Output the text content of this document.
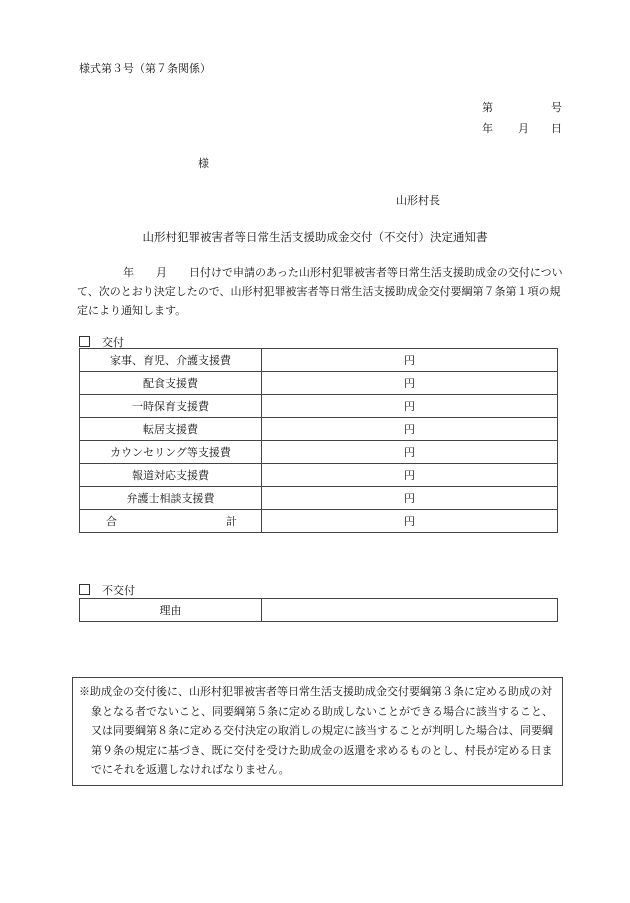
様式第３号（第７条関係）
第	号
年 月 日
様
山形村長
山形村犯罪被害者等日常生活支援助成金交付（不交付）決定通知書
年　　月　　日付けで申請のあった山形村犯罪被害者等日常生活支援助成金の交付について、次のとおり決定したので、山形村犯罪被害者等日常生活支援助成金交付要綱第７条第１項の規定により通知します。
交付
家事、育児、介護支援費	円
配食支援費	円
一時保育支援費	円
転居支援費	円
カウンセリング等支援費	円
報道対応支援費	円
弁護士相談支援費	円

合 計	円
不交付
理由	

※助成金の交付後に、山形村犯罪被害者等日常生活支援助成金交付要綱第３条に定める助成の対象となる者でないこと、同要綱第５条に定める助成しないことができる場合に該当すること、又は同要綱第８条に定める交付決定の取消しの規定に該当することが判明した場合は、同要綱第９条の規定に基づき、既に交付を受けた助成金の返還を求めるものとし、村長が定める日までにそれを返還しなければなりません。
